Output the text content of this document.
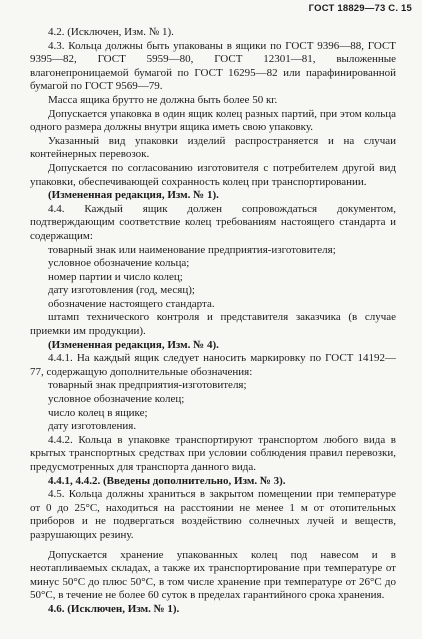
ГОСТ 18829—73 С. 15

4.2. (Исключен, Изм. № 1).

4.3. Кольца должны быть упакованы в ящики по ГОСТ 9396—88, ГОСТ 9395—82, ГОСТ 5959—80, ГОСТ 12301—81, выложенные влагонепроницаемой бумагой по ГОСТ 16295—82 или парафинированной бумагой по ГОСТ 9569—79.

Масса ящика брутто не должна быть более 50 кг.

Допускается упаковка в один ящик колец разных партий, при этом кольца одного размера должны внутри ящика иметь свою упаковку.

Указанный вид упаковки изделий распространяется и на случаи контейнерных перевозок.

Допускается по согласованию изготовителя с потребителем другой вид упаковки, обеспечивающей сохранность колец при транспортировании.

(Измененная редакция, Изм. № 1).

4.4. Каждый ящик должен сопровождаться документом, подтверждающим соответствие колец требованиям настоящего стандарта и содержащим:

товарный знак или наименование предприятия-изготовителя;

условное обозначение кольца;

номер партии и число колец;

дату изготовления (год, месяц);

обозначение настоящего стандарта.

штамп технического контроля и представителя заказчика (в случае приемки им продукции).

(Измененная редакция, Изм. № 4).

4.4.1. На каждый ящик следует наносить маркировку по ГОСТ 14192—77, содержащую дополнительные обозначения:

товарный знак предприятия-изготовителя;

условное обозначение колец;

число колец в ящике;

дату изготовления.

4.4.2. Кольца в упаковке транспортируют транспортом любого вида в крытых транспортных средствах при условии соблюдения правил перевозки, предусмотренных для транспорта данного вида.

4.4.1, 4.4.2. (Введены дополнительно, Изм. № 3).

4.5. Кольца должны храниться в закрытом помещении при температуре от 0 до 25°С, находиться на расстоянии не менее 1 м от отопительных приборов и не подвергаться воздействию солнечных лучей и веществ, разрушающих резину.

Допускается хранение упакованных колец под навесом и в неотапливаемых складах, а также их транспортирование при температуре от минус 50°С до плюс 50°С, в том числе хранение при температуре от 26°С до 50°С, в течение не более 60 суток в пределах гарантийного срока хранения.

4.6. (Исключен, Изм. № 1).
